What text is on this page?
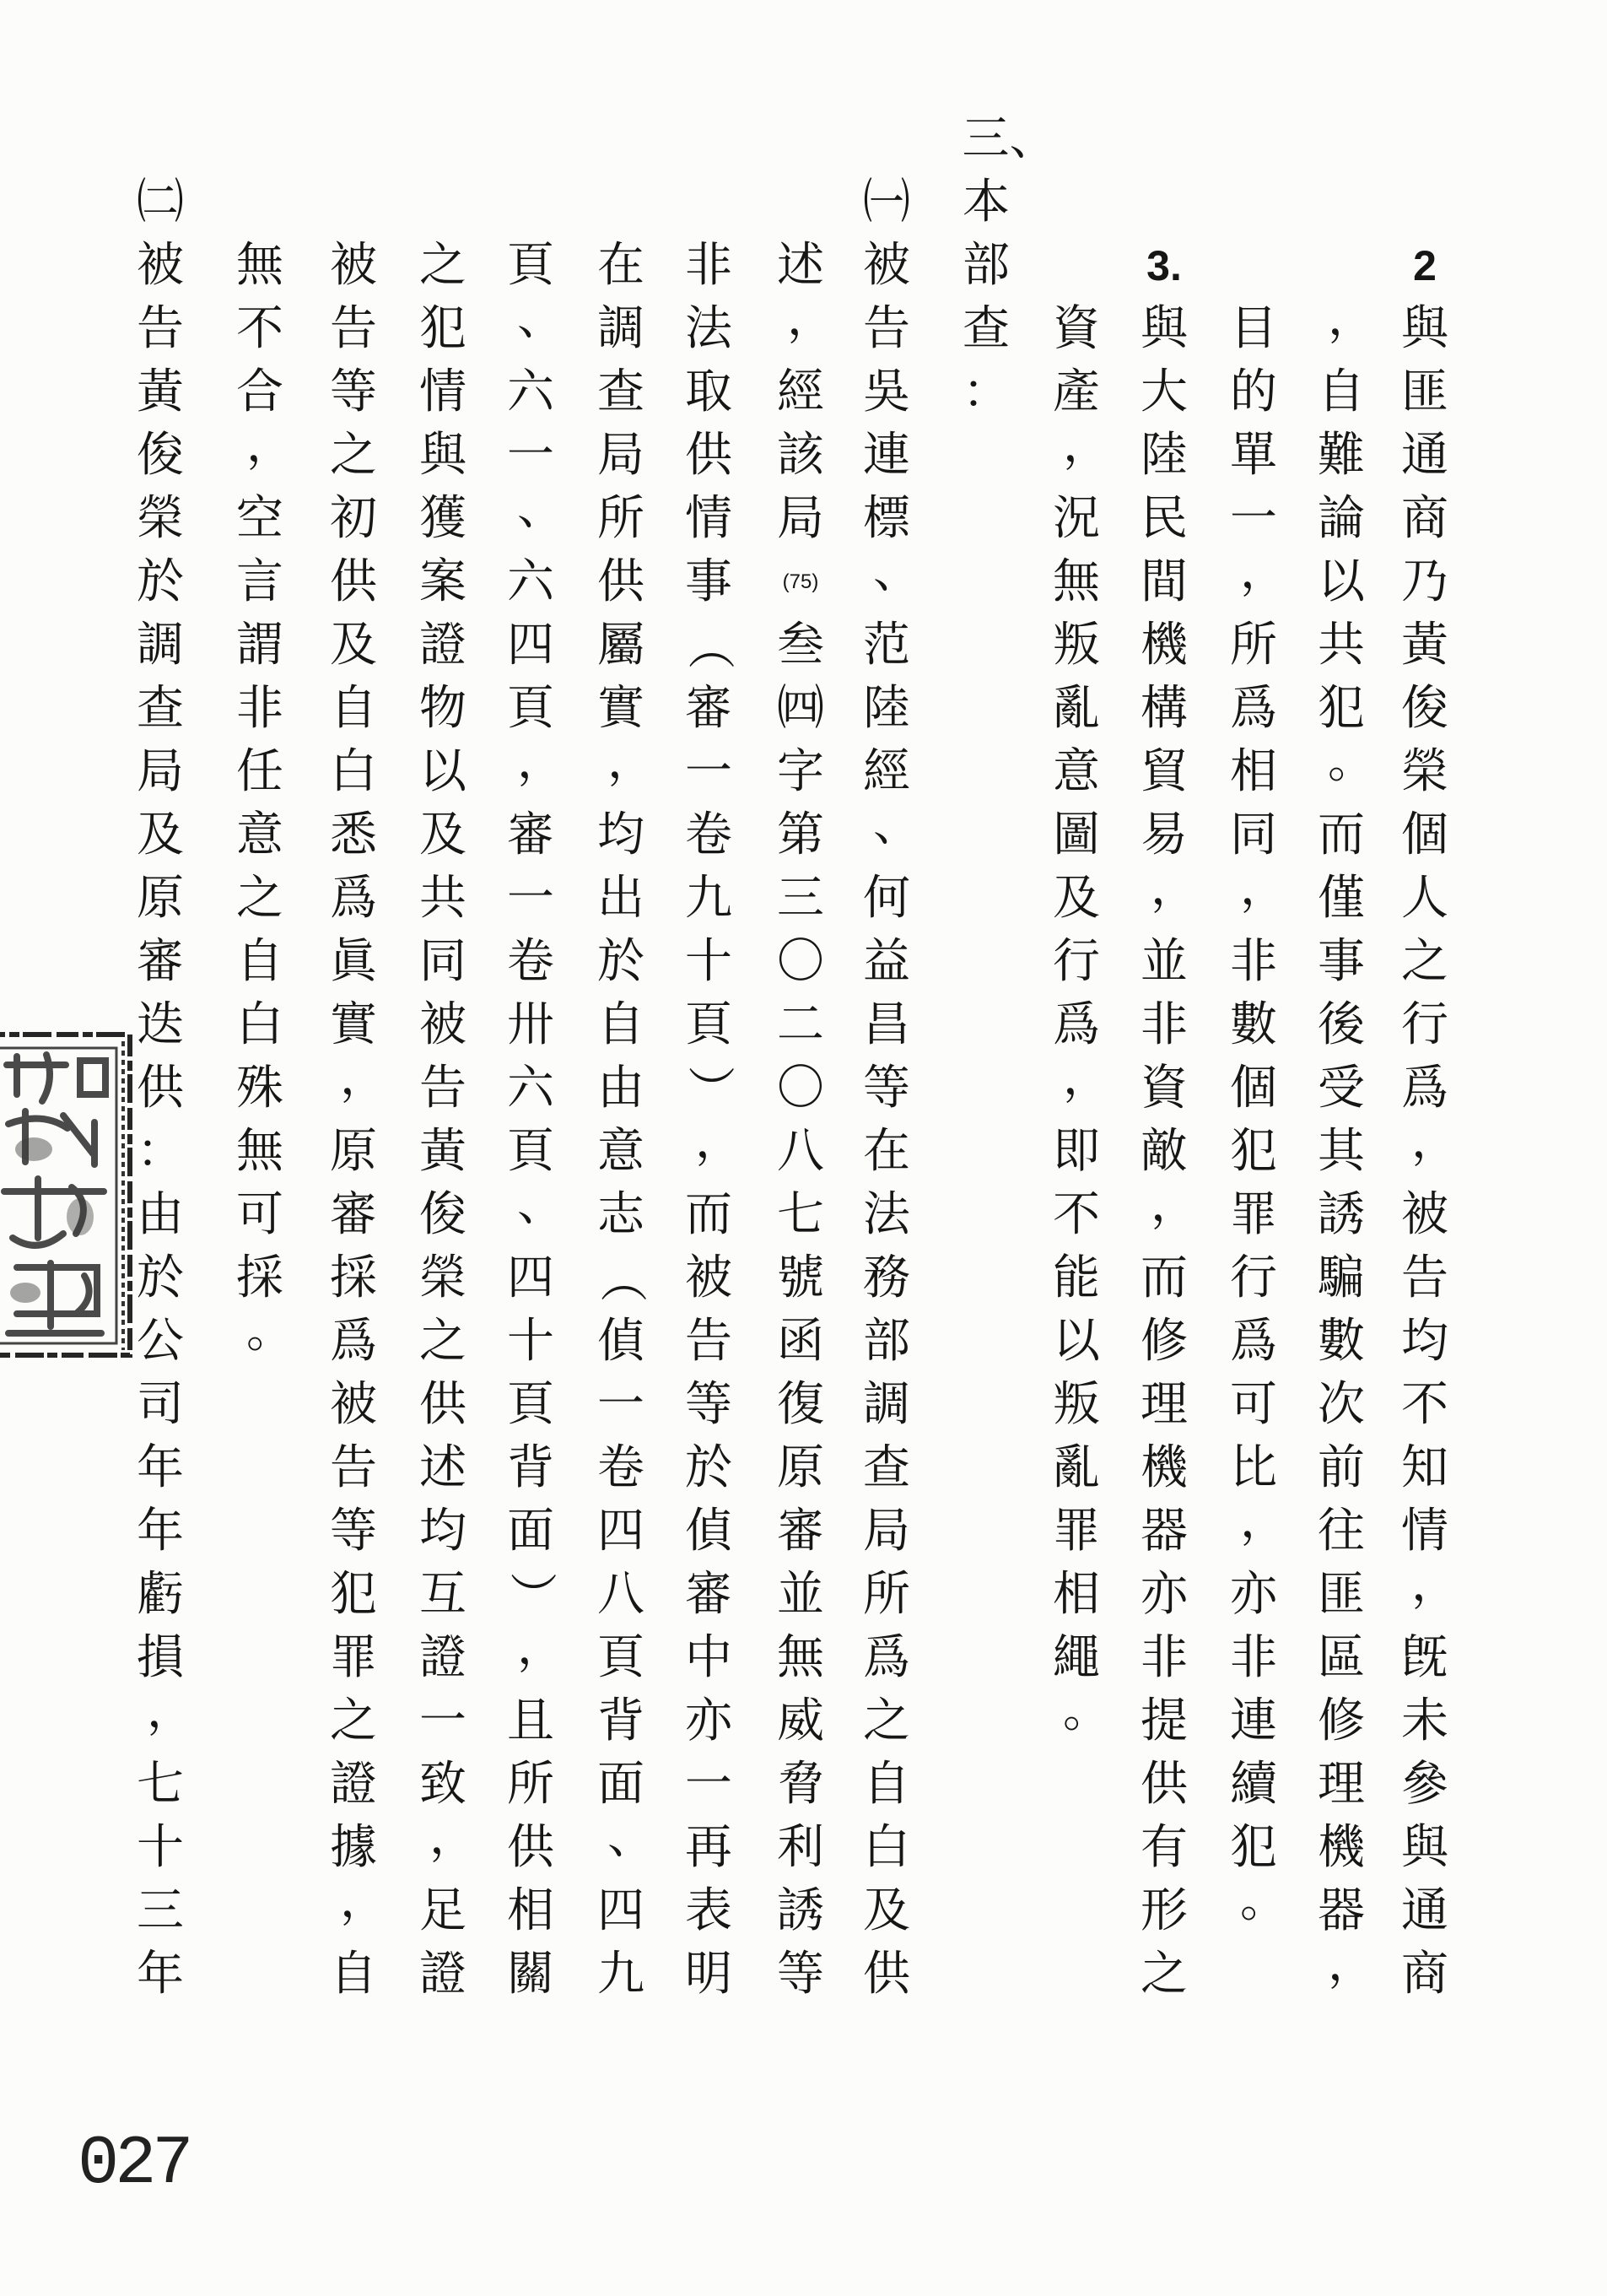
2
與
匪
通
商
乃
黃
俊
榮
個
人
之
行
爲
，
被
告
均
不
知
情
，
旣
未
參
與
通
商
，
自
難
論
以
共
犯
。
而
僅
事
後
受
其
誘
騙
數
次
前
往
匪
區
修
理
機
器
，
目
的
單
一
，
所
爲
相
同
，
非
數
個
犯
罪
行
爲
可
比
，
亦
非
連
續
犯
。
3.
與
大
陸
民
間
機
構
貿
易
，
並
非
資
敵
，
而
修
理
機
器
亦
非
提
供
有
形
之
資
產
，
況
無
叛
亂
意
圖
及
行
爲
，
即
不
能
以
叛
亂
罪
相
繩
。
三、
本
部
查
：
㈠
被
告
吳
連
標
、
范
陸
經
、
何
益
昌
等
在
法
務
部
調
查
局
所
爲
之
自
白
及
供
述
，
經
該
局
(75)
叁
㈣
字
第
三
〇
二
〇
八
七
號
函
復
原
審
並
無
威
脅
利
誘
等
非
法
取
供
情
事
（
審
一
卷
九
十
頁
）
，
而
被
告
等
於
偵
審
中
亦
一
再
表
明
在
調
查
局
所
供
屬
實
，
均
出
於
自
由
意
志
（
偵
一
卷
四
八
頁
背
面
、
四
九
頁
、
六
一
、
六
四
頁
，
審
一
卷
卅
六
頁
、
四
十
頁
背
面
）
，
且
所
供
相
關
之
犯
情
與
獲
案
證
物
以
及
共
同
被
告
黃
俊
榮
之
供
述
均
互
證
一
致
，
足
證
被
告
等
之
初
供
及
自
白
悉
爲
眞
實
，
原
審
採
爲
被
告
等
犯
罪
之
證
據
，
自
無
不
合
，
空
言
謂
非
任
意
之
自
白
殊
無
可
採
。
㈡
被
告
黃
俊
榮
於
調
查
局
及
原
審
迭
供
：
由
於
公
司
年
年
虧
損
，
七
十
三
年
027
